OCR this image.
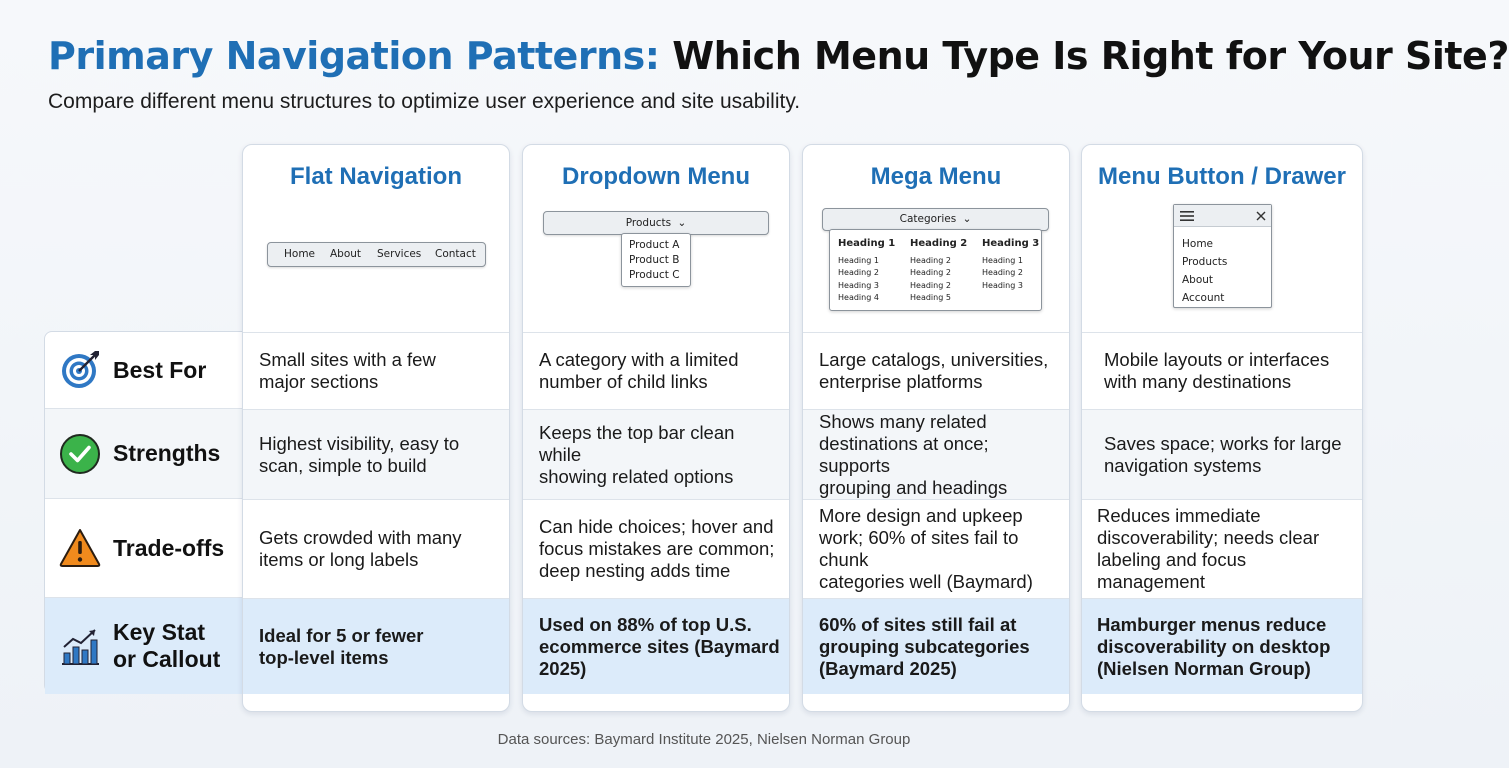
Primary Navigation Patterns: Which Menu Type Is Right for Your Site?
Compare different menu structures to optimize user experience and site usability.
Best For
Strengths
Trade-offs
Key Stat
or Callout
Flat Navigation
Home About Services Contact
Small sites with a few
major sections
Highest visibility, easy to
scan, simple to build
Gets crowded with many
items or long labels
Ideal for 5 or fewer
top-level items
Dropdown Menu
Products ⌄
Product A
Product B
Product C
A category with a limited
number of child links
Keeps the top bar clean while
showing related options
Can hide choices; hover and
focus mistakes are common;
deep nesting adds time
Used on 88% of top U.S.
ecommerce sites (Baymard
2025)
Mega Menu
Categories ⌄
Heading 1
Heading 1
Heading 2
Heading 3
Heading 4
Heading 2
Heading 2
Heading 2
Heading 2
Heading 5
Heading 3
Heading 1
Heading 2
Heading 3
Large catalogs, universities,
enterprise platforms
Shows many related
destinations at once; supports
grouping and headings
More design and upkeep
work; 60% of sites fail to chunk
categories well (Baymard)
60% of sites still fail at
grouping subcategories
(Baymard 2025)
Menu Button / Drawer
Home
Products
About
Account
Mobile layouts or interfaces
with many destinations
Saves space; works for large
navigation systems
Reduces immediate
discoverability; needs clear
labeling and focus management
Hamburger menus reduce
discoverability on desktop
(Nielsen Norman Group)
Data sources: Baymard Institute 2025, Nielsen Norman Group
